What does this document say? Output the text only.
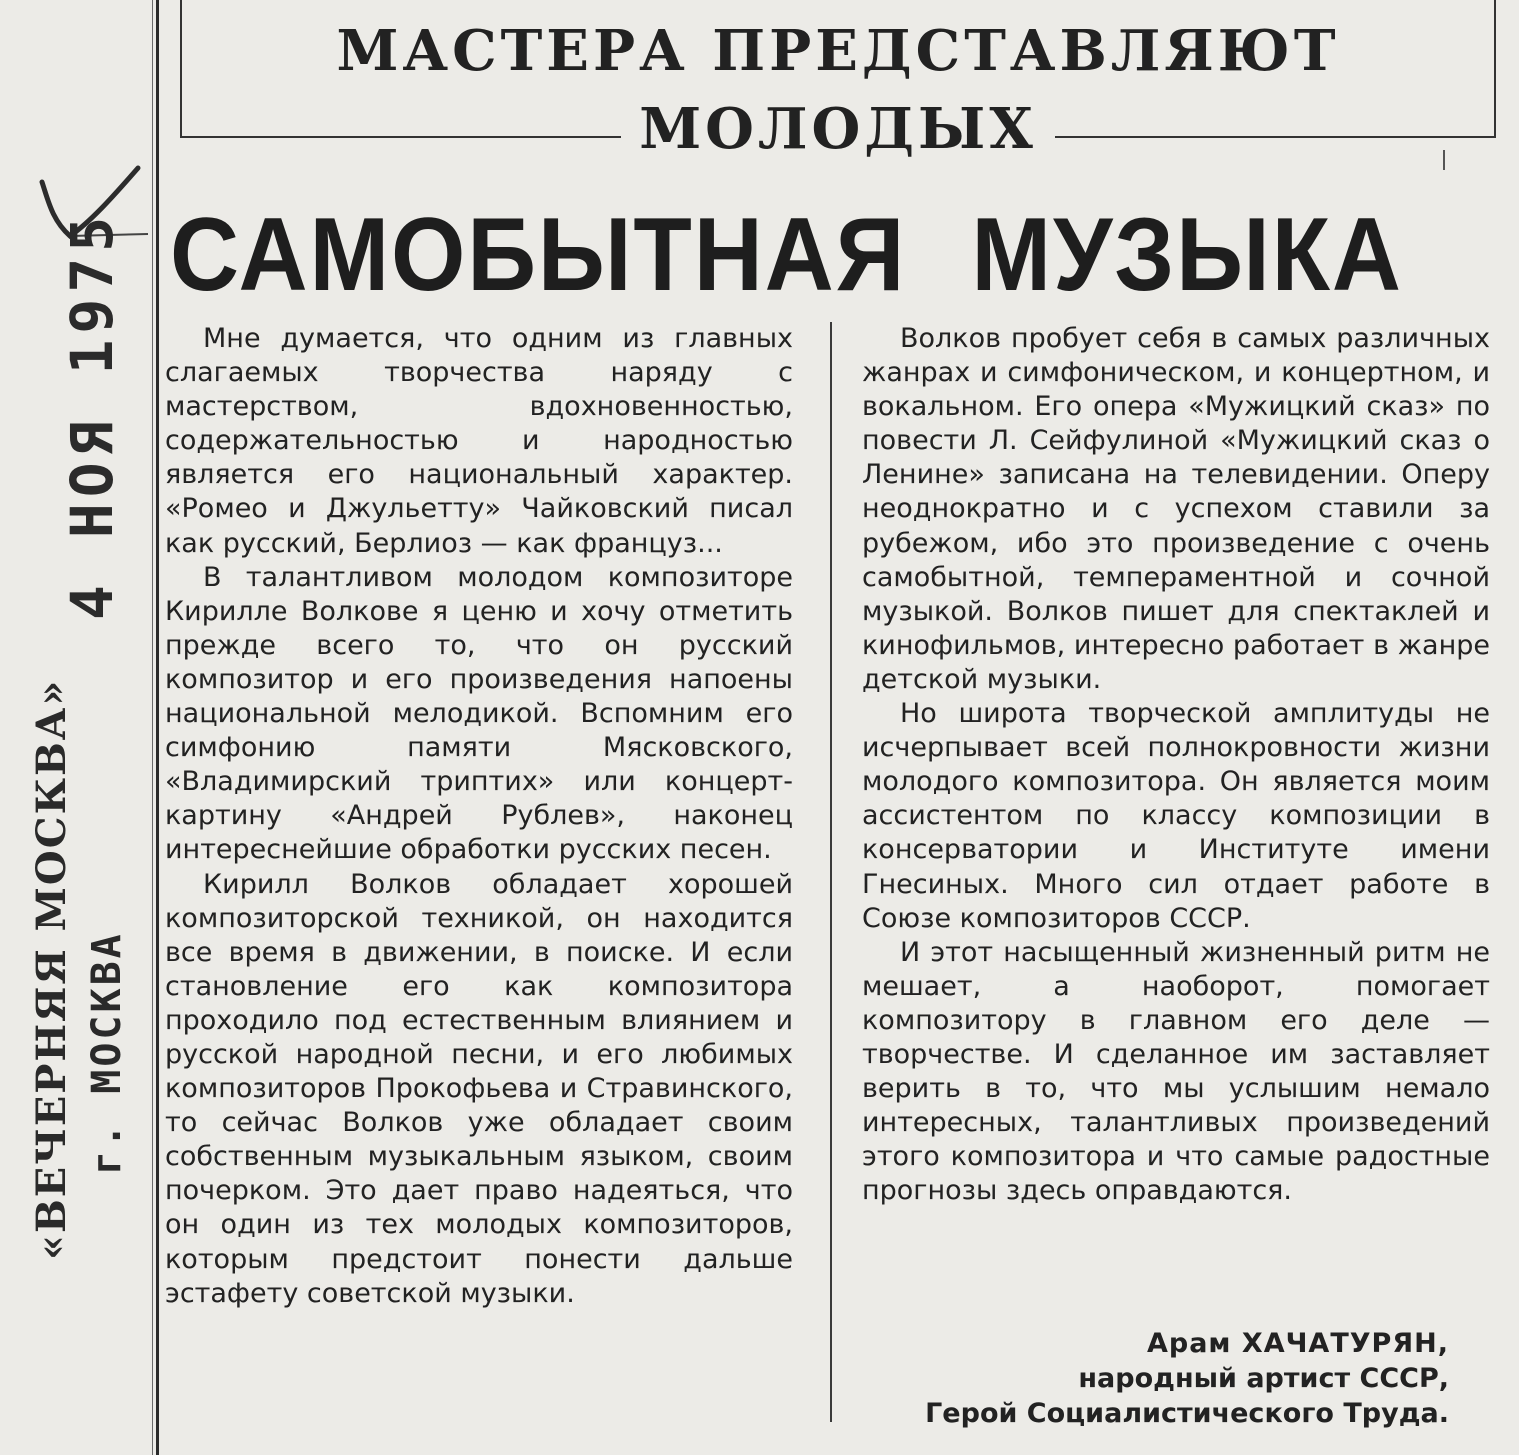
4 НОЯ 1975
«ВЕЧЕРНЯЯ МОСКВА» г. МОСКВА
МАСТЕРА ПРЕДСТАВЛЯЮТ
МОЛОДЫХ
САМОБЫТНАЯ МУЗЫКА

Мне думается, что одним из главных слагаемых творчества наряду с мастерством, вдохновенностью, содержательностью и народностью является его национальный характер. «Ромео и Джульетту» Чайковский писал как русский, Берлиоз — как француз...

В талантливом молодом композиторе Кирилле Волкове я ценю и хочу отметить прежде всего то, что он русский композитор и его произведения напоены национальной мелодикой. Вспомним его симфонию памяти Мясковского, «Владимирский триптих» или концерт-картину «Андрей Рублев», наконец интереснейшие обработки русских песен.

Кирилл Волков обладает хорошей композиторской техникой, он находится все время в движении, в поиске. И если становление его как композитора проходило под естественным влиянием и русской народной песни, и его любимых композиторов Прокофьева и Стравинского, то сейчас Волков уже обладает своим собственным музыкальным языком, своим почерком. Это дает право надеяться, что он один из тех молодых композиторов, которым предстоит понести дальше эстафету советской музыки.

Волков пробует себя в самых различных жанрах и симфоническом, и концертном, и вокальном. Его опера «Мужицкий сказ» по повести Л. Сейфулиной «Мужицкий сказ о Ленине» записана на телевидении. Оперу неоднократно и с успехом ставили за рубежом, ибо это произведение с очень самобытной, темпераментной и сочной музыкой. Волков пишет для спектаклей и кинофильмов, интересно работает в жанре детской музыки.

Но широта творческой амплитуды не исчерпывает всей полнокровности жизни молодого композитора. Он является моим ассистентом по классу композиции в консерватории и Институте имени Гнесиных. Много сил отдает работе в Союзе композиторов СССР.

И этот насыщенный жизненный ритм не мешает, а наоборот, помогает композитору в главном его деле — творчестве. И сделанное им заставляет верить в то, что мы услышим немало интересных, талантливых произведений этого композитора и что самые радостные прогнозы здесь оправдаются.

Арам ХАЧАТУРЯН,
народный артист СССР,
Герой Социалистического Труда.
